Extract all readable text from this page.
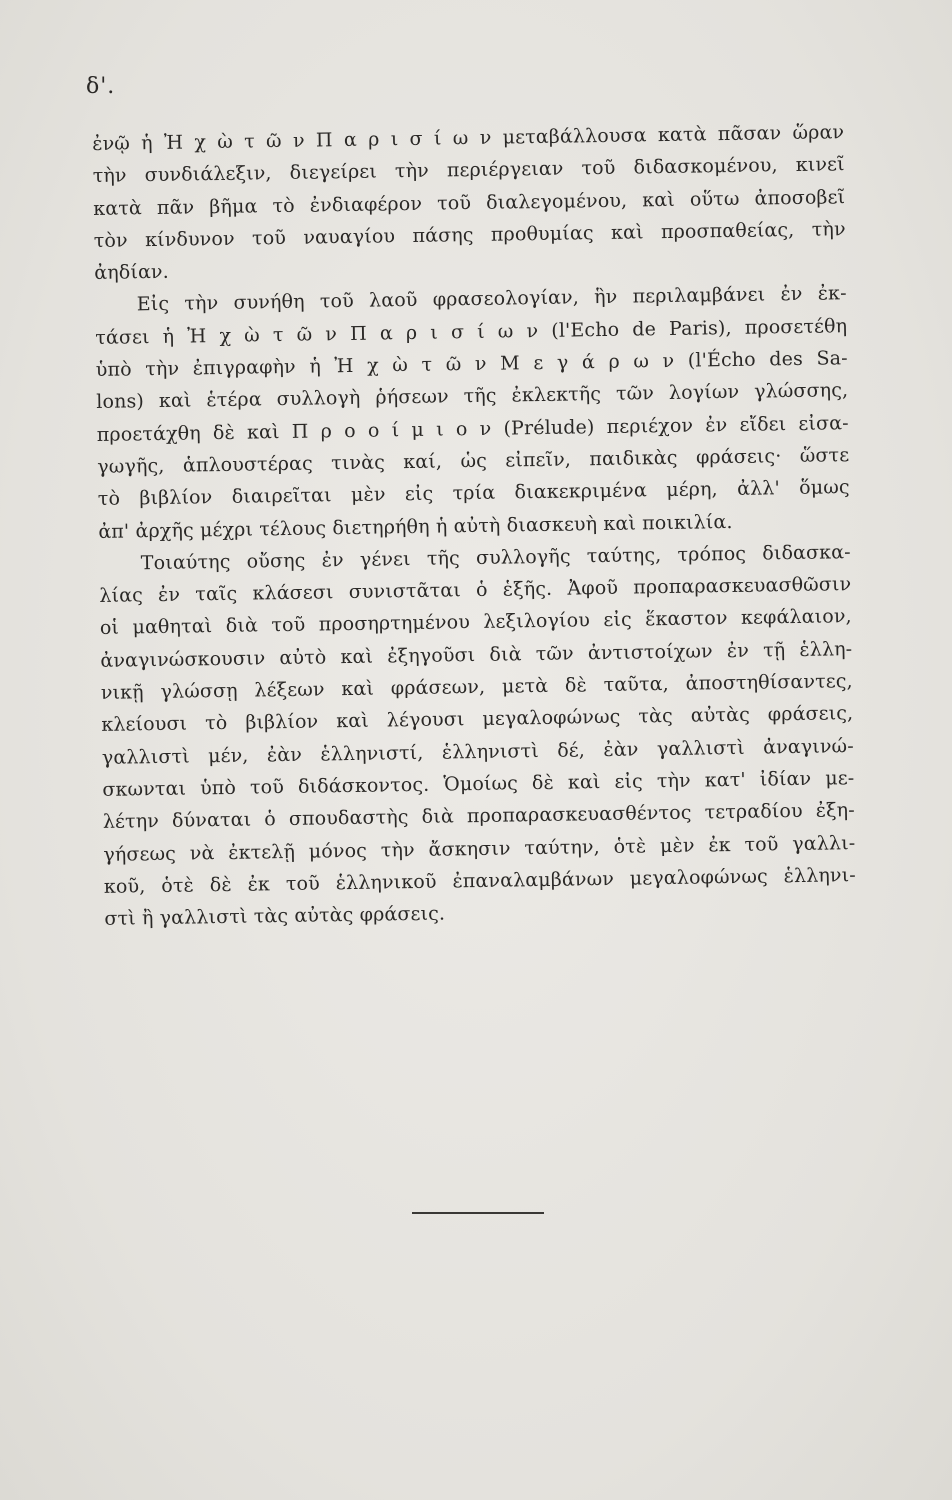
δ'.
ἐνῷ ἡ Ἠ χ ὼ τ ῶ ν Π α ρ ι σ ί ω ν μεταβάλλουσα κατὰ πᾶσαν ὥραν
τὴν συνδιάλεξιν, διεγείρει τὴν περιέργειαν τοῦ διδασκομένου, κινεῖ
κατὰ πᾶν βῆμα τὸ ἐνδιαφέρον τοῦ διαλεγομένου, καὶ οὕτω ἀποσοβεῖ
τὸν κίνδυνον τοῦ ναυαγίου πάσης προθυμίας καὶ προσπαθείας, τὴν
ἀηδίαν.
Εἰς τὴν συνήθη τοῦ λαοῦ φρασεολογίαν, ἣν περιλαμβάνει ἐν ἐκ-
τάσει ἡ Ἠ χ ὼ τ ῶ ν Π α ρ ι σ ί ω ν (l'Echo de Paris), προσετέθη
ὑπὸ τὴν ἐπιγραφὴν ἡ Ἠ χ ὼ τ ῶ ν Μ ε γ ά ρ ω ν (l'Écho des Sa-
lons) καὶ ἑτέρα συλλογὴ ῥήσεων τῆς ἐκλεκτῆς τῶν λογίων γλώσσης,
προετάχθη δὲ καὶ Π ρ ο ο ί μ ι ο ν (Prélude) περιέχον ἐν εἴδει εἰσα-
γωγῆς, ἁπλουστέρας τινὰς καί, ὡς εἰπεῖν, παιδικὰς φράσεις· ὥστε
τὸ βιβλίον διαιρεῖται μὲν εἰς τρία διακεκριμένα μέρη, ἀλλ' ὅμως
ἀπ' ἀρχῆς μέχρι τέλους διετηρήθη ἡ αὐτὴ διασκευὴ καὶ ποικιλία.
Τοιαύτης οὔσης ἐν γένει τῆς συλλογῆς ταύτης, τρόπος διδασκα-
λίας ἐν ταῖς κλάσεσι συνιστᾶται ὁ ἑξῆς. Ἀφοῦ προπαρασκευασθῶσιν
οἱ μαθηταὶ διὰ τοῦ προσηρτημένου λεξιλογίου εἰς ἕκαστον κεφάλαιον,
ἀναγινώσκουσιν αὐτὸ καὶ ἐξηγοῦσι διὰ τῶν ἀντιστοίχων ἐν τῇ ἑλλη-
νικῇ γλώσσῃ λέξεων καὶ φράσεων, μετὰ δὲ ταῦτα, ἀποστηθίσαντες,
κλείουσι τὸ βιβλίον καὶ λέγουσι μεγαλοφώνως τὰς αὐτὰς φράσεις,
γαλλιστὶ μέν, ἐὰν ἑλληνιστί, ἑλληνιστὶ δέ, ἐὰν γαλλιστὶ ἀναγινώ-
σκωνται ὑπὸ τοῦ διδάσκοντος. Ὁμοίως δὲ καὶ εἰς τὴν κατ' ἰδίαν με-
λέτην δύναται ὁ σπουδαστὴς διὰ προπαρασκευασθέντος τετραδίου ἐξη-
γήσεως νὰ ἐκτελῇ μόνος τὴν ἄσκησιν ταύτην, ὁτὲ μὲν ἐκ τοῦ γαλλι-
κοῦ, ὁτὲ δὲ ἐκ τοῦ ἑλληνικοῦ ἐπαναλαμβάνων μεγαλοφώνως ἑλληνι-
στὶ ἢ γαλλιστὶ τὰς αὐτὰς φράσεις.
